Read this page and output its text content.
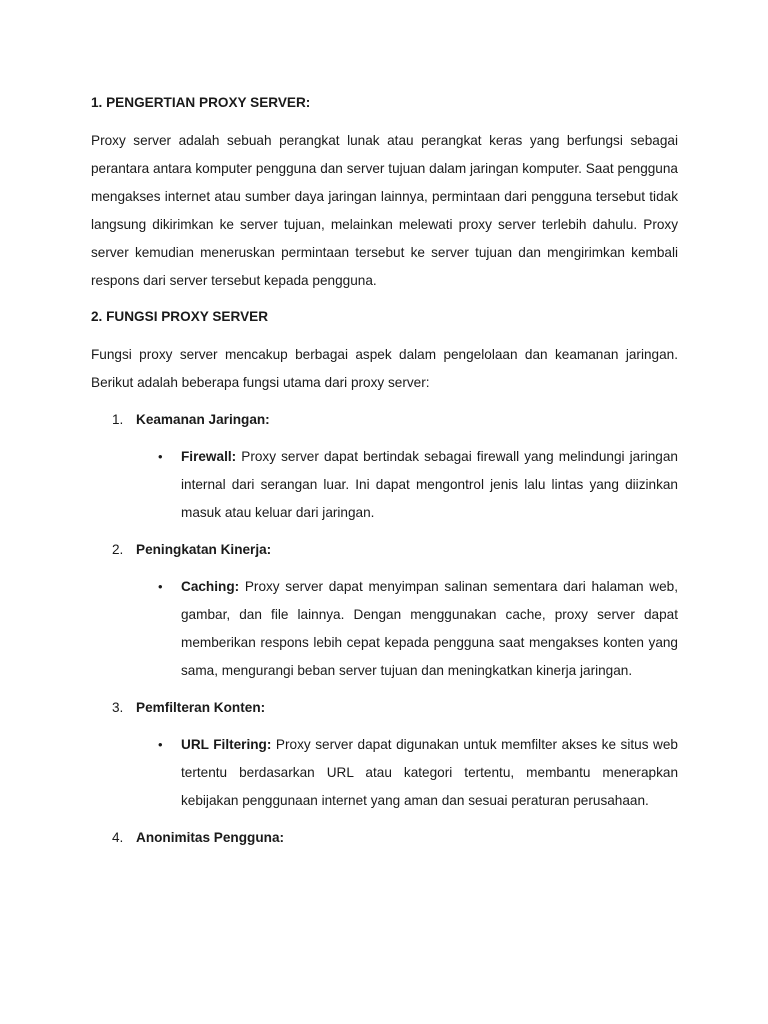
1. PENGERTIAN PROXY SERVER:

Proxy server adalah sebuah perangkat lunak atau perangkat keras yang berfungsi sebagai perantara antara komputer pengguna dan server tujuan dalam jaringan komputer. Saat pengguna mengakses internet atau sumber daya jaringan lainnya, permintaan dari pengguna tersebut tidak langsung dikirimkan ke server tujuan, melainkan melewati proxy server terlebih dahulu. Proxy server kemudian meneruskan permintaan tersebut ke server tujuan dan mengirimkan kembali respons dari server tersebut kepada pengguna.

2. FUNGSI PROXY SERVER

Fungsi proxy server mencakup berbagai aspek dalam pengelolaan dan keamanan jaringan. Berikut adalah beberapa fungsi utama dari proxy server:

1. Keamanan Jaringan:
• Firewall: Proxy server dapat bertindak sebagai firewall yang melindungi jaringan internal dari serangan luar. Ini dapat mengontrol jenis lalu lintas yang diizinkan masuk atau keluar dari jaringan.
2. Peningkatan Kinerja:
• Caching: Proxy server dapat menyimpan salinan sementara dari halaman web, gambar, dan file lainnya. Dengan menggunakan cache, proxy server dapat memberikan respons lebih cepat kepada pengguna saat mengakses konten yang sama, mengurangi beban server tujuan dan meningkatkan kinerja jaringan.
3. Pemfilteran Konten:
• URL Filtering: Proxy server dapat digunakan untuk memfilter akses ke situs web tertentu berdasarkan URL atau kategori tertentu, membantu menerapkan kebijakan penggunaan internet yang aman dan sesuai peraturan perusahaan.
4. Anonimitas Pengguna:
